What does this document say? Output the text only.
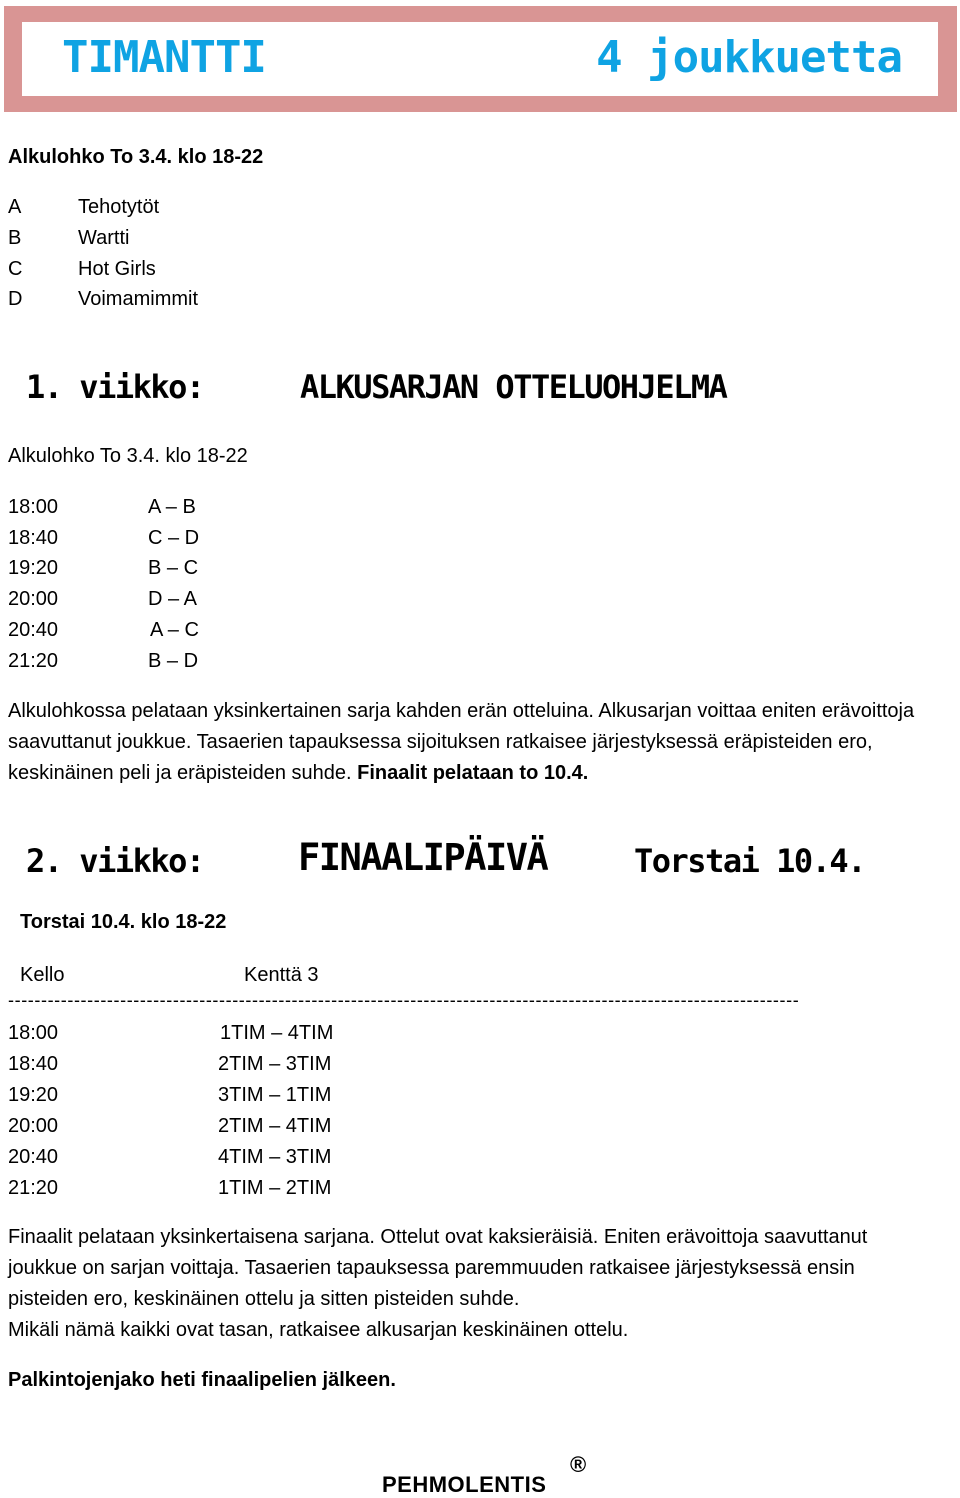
TIMANTTI	4 joukkuetta
Alkulohko To 3.4. klo 18-22
A	Tehotytöt
B	Wartti
C	Hot Girls
D	Voimamimmit
1. viikko:	ALKUSARJAN OTTELUOHJELMA
Alkulohko To 3.4. klo 18-22
18:00	A – B
18:40	C – D
19:20	B – C
20:00	D – A
20:40	A – C
21:20	B – D
Alkulohkossa pelataan yksinkertainen sarja kahden erän otteluina. Alkusarjan voittaa eniten erävoittoja saavuttanut joukkue. Tasaerien tapauksessa sijoituksen ratkaisee järjestyksessä eräpisteiden ero, keskinäinen peli ja eräpisteiden suhde. Finaalit pelataan to 10.4.
2. viikko:	FINAALIPÄIVÄ	Torstai 10.4.
Torstai 10.4. klo 18-22
Kello	Kenttä 3
------------------------------------------------------------------------------------------------------------------------
18:00	1TIM – 4TIM
18:40	2TIM – 3TIM
19:20	3TIM – 1TIM
20:00	2TIM – 4TIM
20:40	4TIM – 3TIM
21:20	1TIM – 2TIM
Finaalit pelataan yksinkertaisena sarjana. Ottelut ovat kaksieräisiä. Eniten erävoittoja saavuttanut joukkue on sarjan voittaja. Tasaerien tapauksessa paremmuuden ratkaisee järjestyksessä ensin pisteiden ero, keskinäinen ottelu ja sitten pisteiden suhde.
Mikäli nämä kaikki ovat tasan, ratkaisee alkusarjan keskinäinen ottelu.
Palkintojenjako heti finaalipelien jälkeen.
PEHMOLENTIS
®
